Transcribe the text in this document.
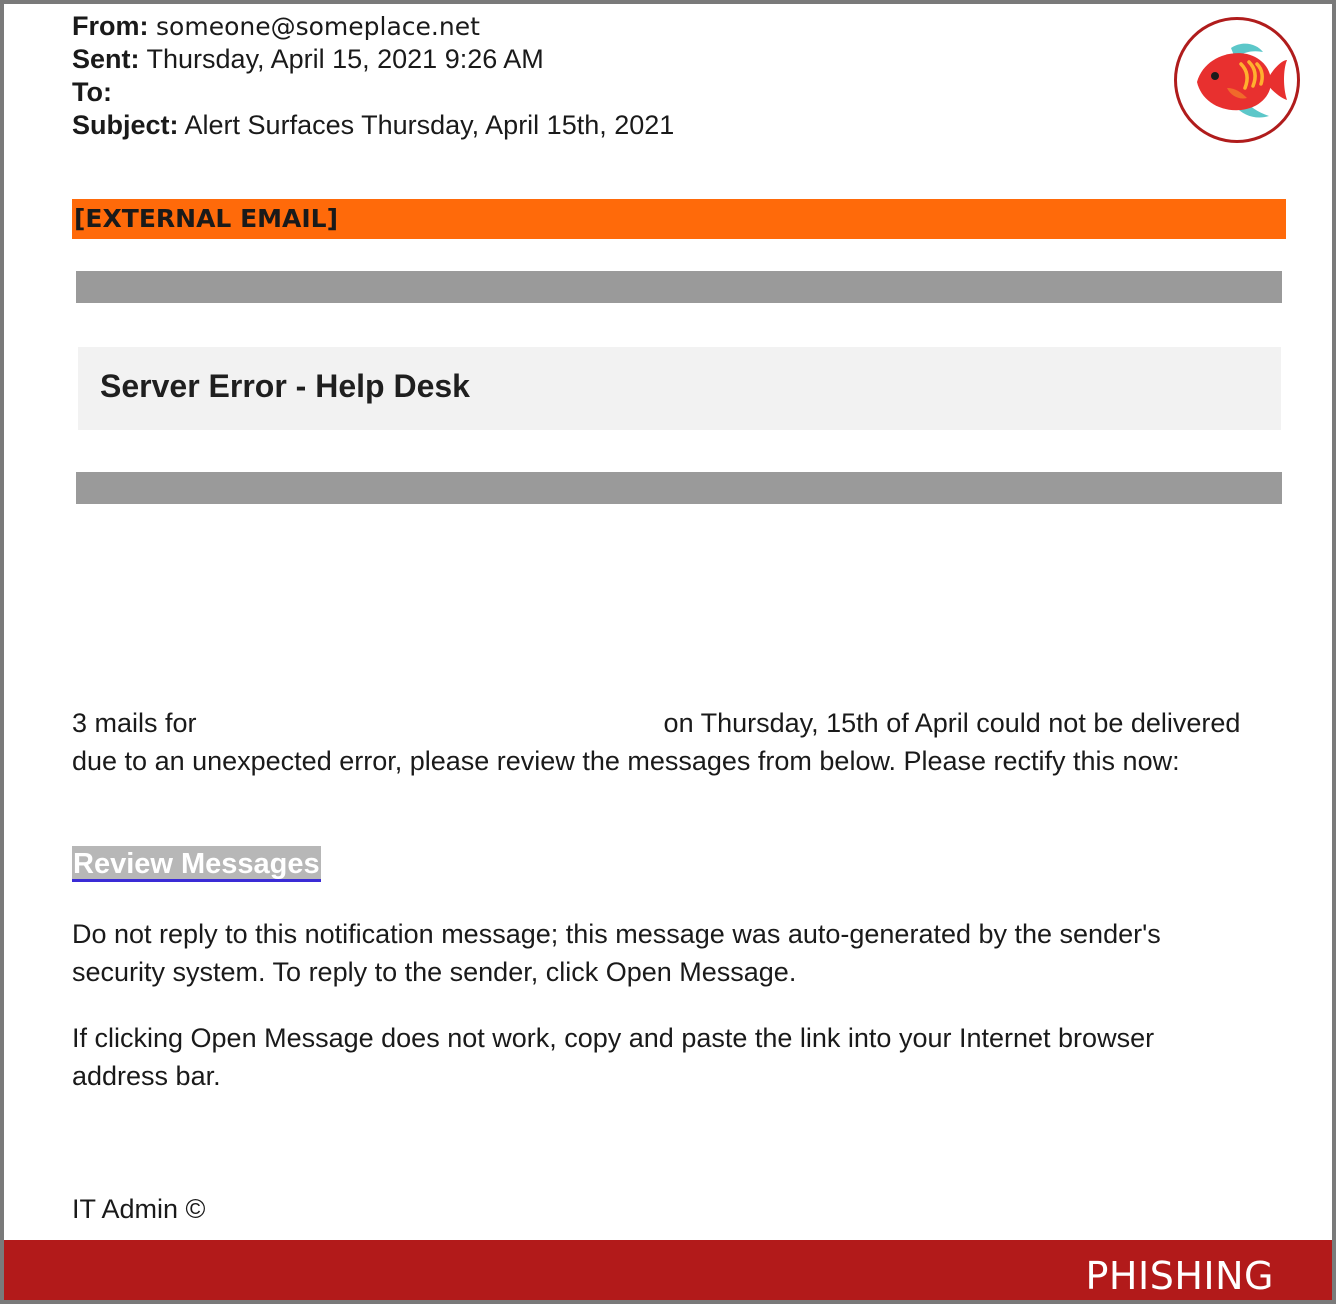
From: someone@someplace.net
Sent: Thursday, April 15, 2021 9:26 AM
To:
Subject: Alert Surfaces Thursday, April 15th, 2021
[EXTERNAL EMAIL]
Server Error - Help Desk
3 mails for	on Thursday, 15th of April could not be delivered due to an unexpected error, please review the messages from below. Please rectify this now:
Review Messages
Do not reply to this notification message; this message was auto-generated by the sender's security system. To reply to the sender, click Open Message.
If clicking Open Message does not work, copy and paste the link into your Internet browser address bar.
IT Admin ©
PHISHING
